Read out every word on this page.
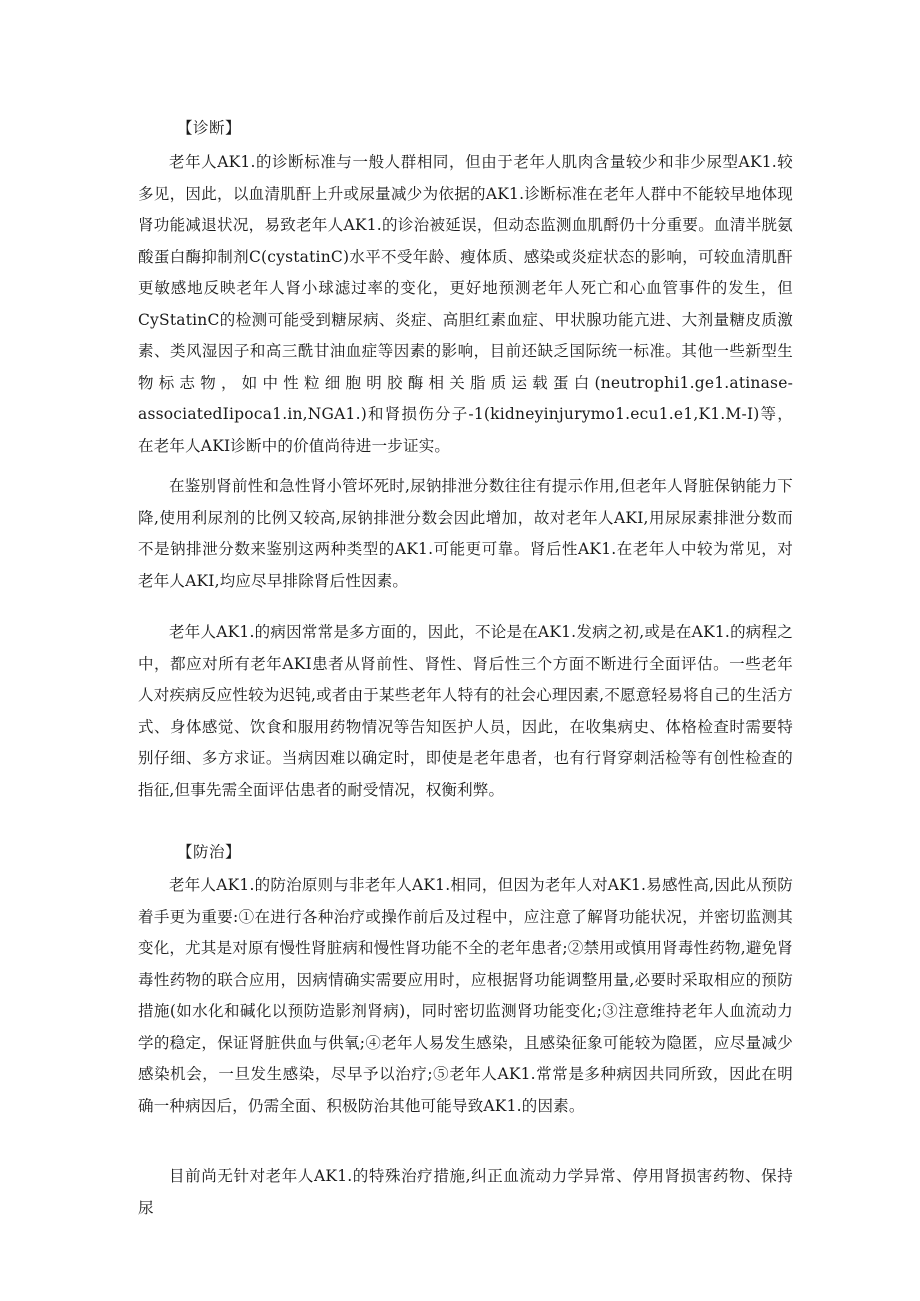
【诊断】

老年人AK1.的诊断标准与一般人群相同，但由于老年人肌肉含量较少和非少尿型AK1.较多见，因此，以血清肌酐上升或尿量减少为依据的AK1.诊断标准在老年人群中不能较早地体现肾功能减退状况，易致老年人AK1.的诊治被延误，但动态监测血肌酹仍十分重要。血清半胱氨酸蛋白酶抑制剂C(cystatinC)水平不受年龄、瘦体质、感染或炎症状态的影响，可较血清肌酐更敏感地反映老年人肾小球滤过率的变化，更好地预测老年人死亡和心血管事件的发生，但CyStatinC的检测可能受到糖尿病、炎症、高胆红素血症、甲状腺功能亢进、大剂量糖皮质激素、类风湿因子和高三酰甘油血症等因素的影响，目前还缺乏国际统一标准。其他一些新型生物标志物，如中性粒细胞明胶酶相关脂质运载蛋白(neutrophi1.ge1.atinase-associatedIipoca1.in,NGA1.)和肾损伤分子-1(kidneyinjurymo1.ecu1.e1,K1.M-I)等，在老年人AKI诊断中的价值尚待进一步证实。

在鉴别肾前性和急性肾小管坏死时,尿钠排泄分数往往有提示作用,但老年人肾脏保钠能力下降,使用利尿剂的比例又较高,尿钠排泄分数会因此增加，故对老年人AKI,用尿尿素排泄分数而不是钠排泄分数来鉴别这两种类型的AK1.可能更可靠。肾后性AK1.在老年人中较为常见，对老年人AKI,均应尽早排除肾后性因素。

老年人AK1.的病因常常是多方面的，因此，不论是在AK1.发病之初,或是在AK1.的病程之中，都应对所有老年AKI患者从肾前性、肾性、肾后性三个方面不断进行全面评估。一些老年人对疾病反应性较为迟钝,或者由于某些老年人特有的社会心理因素,不愿意轻易将自己的生活方式、身体感觉、饮食和服用药物情况等告知医护人员，因此，在收集病史、体格检查时需要特别仔细、多方求证。当病因难以确定时，即使是老年患者，也有行肾穿刺活检等有创性检查的指征,但事先需全面评估患者的耐受情况，权衡利弊。

【防治】

老年人AK1.的防治原则与非老年人AK1.相同，但因为老年人对AK1.易感性高,因此从预防着手更为重要:①在进行各种治疗或操作前后及过程中，应注意了解肾功能状况，并密切监测其变化，尤其是对原有慢性肾脏病和慢性肾功能不全的老年患者;②禁用或慎用肾毒性药物,避免肾毒性药物的联合应用，因病情确实需要应用时，应根据肾功能调整用量,必要时采取相应的预防措施(如水化和碱化以预防造影剂肾病)，同时密切监测肾功能变化;③注意维持老年人血流动力学的稳定，保证肾脏供血与供氧;④老年人易发生感染，且感染征象可能较为隐匿，应尽量减少感染机会，一旦发生感染，尽早予以治疗;⑤老年人AK1.常常是多种病因共同所致，因此在明确一种病因后，仍需全面、积极防治其他可能导致AK1.的因素。

目前尚无针对老年人AK1.的特殊治疗措施,纠正血流动力学异常、停用肾损害药物、保持尿
